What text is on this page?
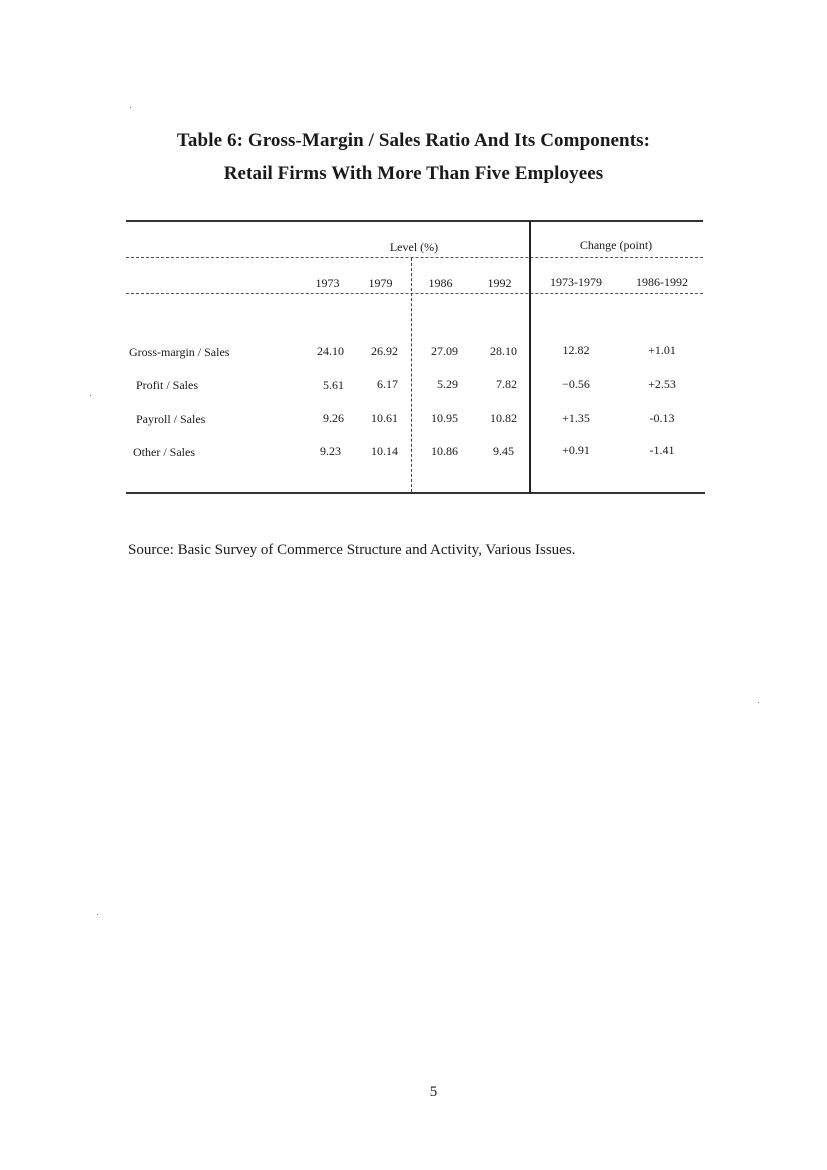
Table 6: Gross-Margin / Sales Ratio And Its Components:
Retail Firms With More Than Five Employees
Level (%)	Change (point)
1973	1979	1986	1992	1973-1979	1986-1992
Gross-margin / Sales	24.10	26.92	27.09	28.10	12.82	+1.01
Profit / Sales	5.61	6.17	5.29	7.82	−0.56	+2.53
Payroll / Sales	9.26	10.61	10.95	10.82	+1.35	-0.13
Other / Sales	9.23	10.14	10.86	9.45	+0.91	-1.41
Source: Basic Survey of Commerce Structure and Activity, Various Issues.
5
